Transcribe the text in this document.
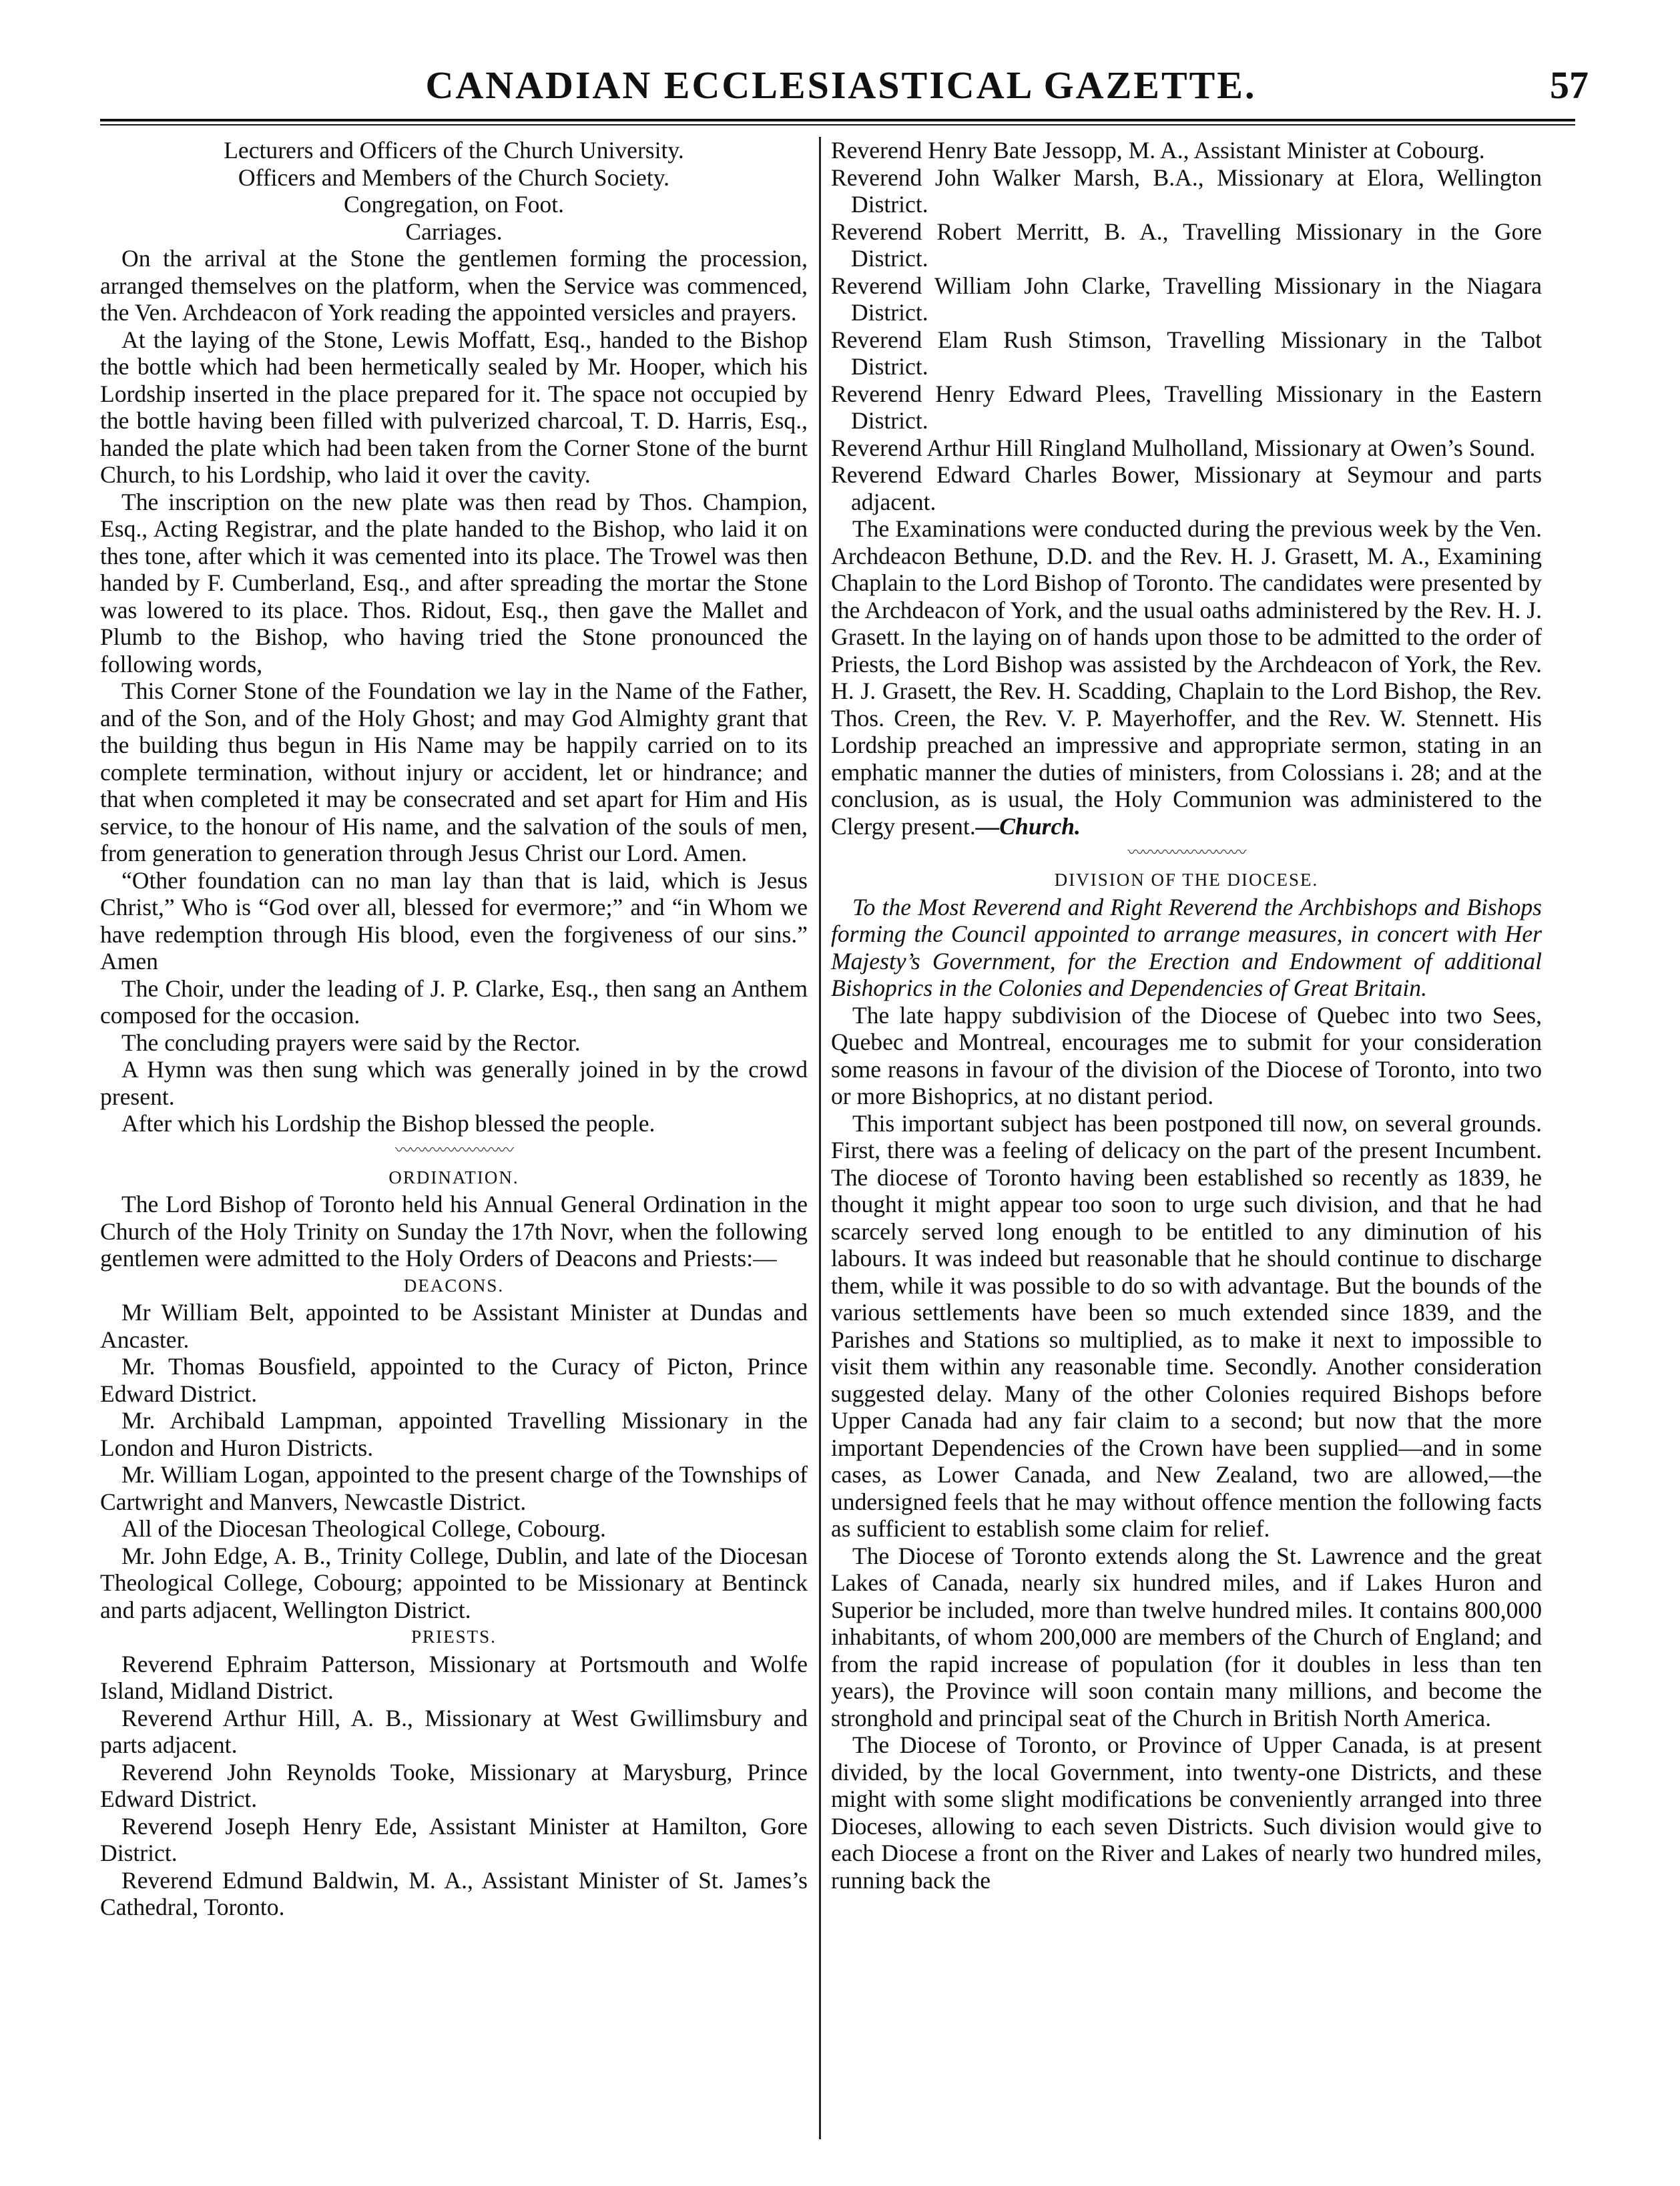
CANADIAN ECCLESIASTICAL GAZETTE.	57

Lecturers and Officers of the Church University.

Officers and Members of the Church Society.

Congregation, on Foot.

Carriages.

On the arrival at the Stone the gentlemen forming the procession, arranged themselves on the platform, when the Service was commenced, the Ven. Archdeacon of York reading the appointed versicles and prayers.

At the laying of the Stone, Lewis Moffatt, Esq., handed to the Bishop the bottle which had been hermetically sealed by Mr. Hooper, which his Lordship inserted in the place prepared for it. The space not occupied by the bottle having been filled with pulverized charcoal, T. D. Harris, Esq., handed the plate which had been taken from the Corner Stone of the burnt Church, to his Lordship, who laid it over the cavity.

The inscription on the new plate was then read by Thos. Champion, Esq., Acting Registrar, and the plate handed to the Bishop, who laid it on thes tone, after which it was cemented into its place. The Trowel was then handed by F. Cumberland, Esq., and after spreading the mortar the Stone was lowered to its place. Thos. Ridout, Esq., then gave the Mallet and Plumb to the Bishop, who having tried the Stone pronounced the following words,

This Corner Stone of the Foundation we lay in the Name of the Father, and of the Son, and of the Holy Ghost; and may God Almighty grant that the building thus begun in His Name may be happily carried on to its complete termination, without injury or accident, let or hindrance; and that when completed it may be consecrated and set apart for Him and His service, to the honour of His name, and the salvation of the souls of men, from generation to generation through Jesus Christ our Lord. Amen.

“Other foundation can no man lay than that is laid, which is Jesus Christ,” Who is “God over all, blessed for evermore;” and “in Whom we have redemption through His blood, even the forgiveness of our sins.” Amen

The Choir, under the leading of J. P. Clarke, Esq., then sang an Anthem composed for the occasion.

The concluding prayers were said by the Rector.

A Hymn was then sung which was generally joined in by the crowd present.

After which his Lordship the Bishop blessed the people.

〰〰〰〰〰〰〰〰

ORDINATION.

The Lord Bishop of Toronto held his Annual General Ordination in the Church of the Holy Trinity on Sunday the 17th Novr, when the following gentlemen were admitted to the Holy Orders of Deacons and Priests:—

DEACONS.

Mr William Belt, appointed to be Assistant Minister at Dundas and Ancaster.

Mr. Thomas Bousfield, appointed to the Curacy of Picton, Prince Edward District.

Mr. Archibald Lampman, appointed Travelling Missionary in the London and Huron Districts.

Mr. William Logan, appointed to the present charge of the Townships of Cartwright and Manvers, Newcastle District.

All of the Diocesan Theological College, Cobourg.

Mr. John Edge, A. B., Trinity College, Dublin, and late of the Diocesan Theological College, Cobourg; appointed to be Missionary at Bentinck and parts adjacent, Wellington District.

PRIESTS.

Reverend Ephraim Patterson, Missionary at Portsmouth and Wolfe Island, Midland District.

Reverend Arthur Hill, A. B., Missionary at West Gwillimsbury and parts adjacent.

Reverend John Reynolds Tooke, Missionary at Marysburg, Prince Edward District.

Reverend Joseph Henry Ede, Assistant Minister at Hamilton, Gore District.

Reverend Edmund Baldwin, M. A., Assistant Minister of St. James’s Cathedral, Toronto.

Reverend Henry Bate Jessopp, M. A., Assistant Minister at Cobourg.

Reverend John Walker Marsh, B.A., Missionary at Elora, Wellington District.

Reverend Robert Merritt, B. A., Travelling Missionary in the Gore District.

Reverend William John Clarke, Travelling Missionary in the Niagara District.

Reverend Elam Rush Stimson, Travelling Missionary in the Talbot District.

Reverend Henry Edward Plees, Travelling Missionary in the Eastern District.

Reverend Arthur Hill Ringland Mulholland, Missionary at Owen’s Sound.

Reverend Edward Charles Bower, Missionary at Seymour and parts adjacent.

The Examinations were conducted during the previous week by the Ven. Archdeacon Bethune, D.D. and the Rev. H. J. Grasett, M. A., Examining Chaplain to the Lord Bishop of Toronto. The candidates were presented by the Archdeacon of York, and the usual oaths administered by the Rev. H. J. Grasett. In the laying on of hands upon those to be admitted to the order of Priests, the Lord Bishop was assisted by the Archdeacon of York, the Rev. H. J. Grasett, the Rev. H. Scadding, Chaplain to the Lord Bishop, the Rev. Thos. Creen, the Rev. V. P. Mayerhoffer, and the Rev. W. Stennett. His Lordship preached an impressive and appropriate sermon, stating in an emphatic manner the duties of ministers, from Colossians i. 28; and at the conclusion, as is usual, the Holy Communion was administered to the Clergy present.—Church.

〰〰〰〰〰〰〰〰

DIVISION OF THE DIOCESE.

To the Most Reverend and Right Reverend the Archbishops and Bishops forming the Council appointed to arrange measures, in concert with Her Majesty’s Government, for the Erection and Endowment of additional Bishoprics in the Colonies and Dependencies of Great Britain.

The late happy subdivision of the Diocese of Quebec into two Sees, Quebec and Montreal, encourages me to submit for your consideration some reasons in favour of the division of the Diocese of Toronto, into two or more Bishoprics, at no distant period.

This important subject has been postponed till now, on several grounds. First, there was a feeling of delicacy on the part of the present Incumbent. The diocese of Toronto having been established so recently as 1839, he thought it might appear too soon to urge such division, and that he had scarcely served long enough to be entitled to any diminution of his labours. It was indeed but reasonable that he should continue to discharge them, while it was possible to do so with advantage. But the bounds of the various settlements have been so much extended since 1839, and the Parishes and Stations so multiplied, as to make it next to impossible to visit them within any reasonable time. Secondly. Another consideration suggested delay. Many of the other Colonies required Bishops before Upper Canada had any fair claim to a second; but now that the more important Dependencies of the Crown have been supplied—and in some cases, as Lower Canada, and New Zealand, two are allowed,—the undersigned feels that he may without offence mention the following facts as sufficient to establish some claim for relief.

The Diocese of Toronto extends along the St. Lawrence and the great Lakes of Canada, nearly six hundred miles, and if Lakes Huron and Superior be included, more than twelve hundred miles. It contains 800,000 inhabitants, of whom 200,000 are members of the Church of England; and from the rapid increase of population (for it doubles in less than ten years), the Province will soon contain many millions, and become the stronghold and principal seat of the Church in British North America.

The Diocese of Toronto, or Province of Upper Canada, is at present divided, by the local Government, into twenty-one Districts, and these might with some slight modifications be conveniently arranged into three Dioceses, allowing to each seven Districts. Such division would give to each Diocese a front on the River and Lakes of nearly two hundred miles, running back the
